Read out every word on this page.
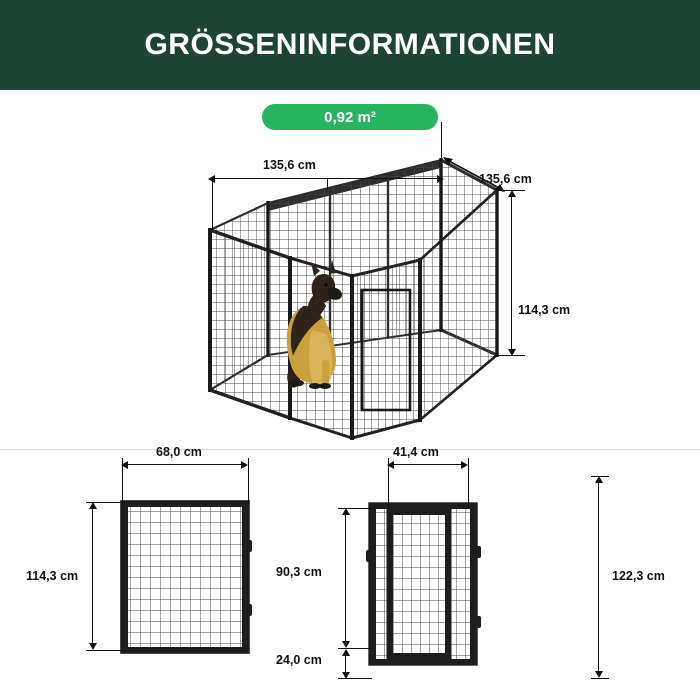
GRÖSSENINFORMATIONEN
0,92 m²
135,6 cm
135,6 cm
114,3 cm
68,0 cm
114,3 cm
41,4 cm
90,3 cm
24,0 cm
122,3 cm
